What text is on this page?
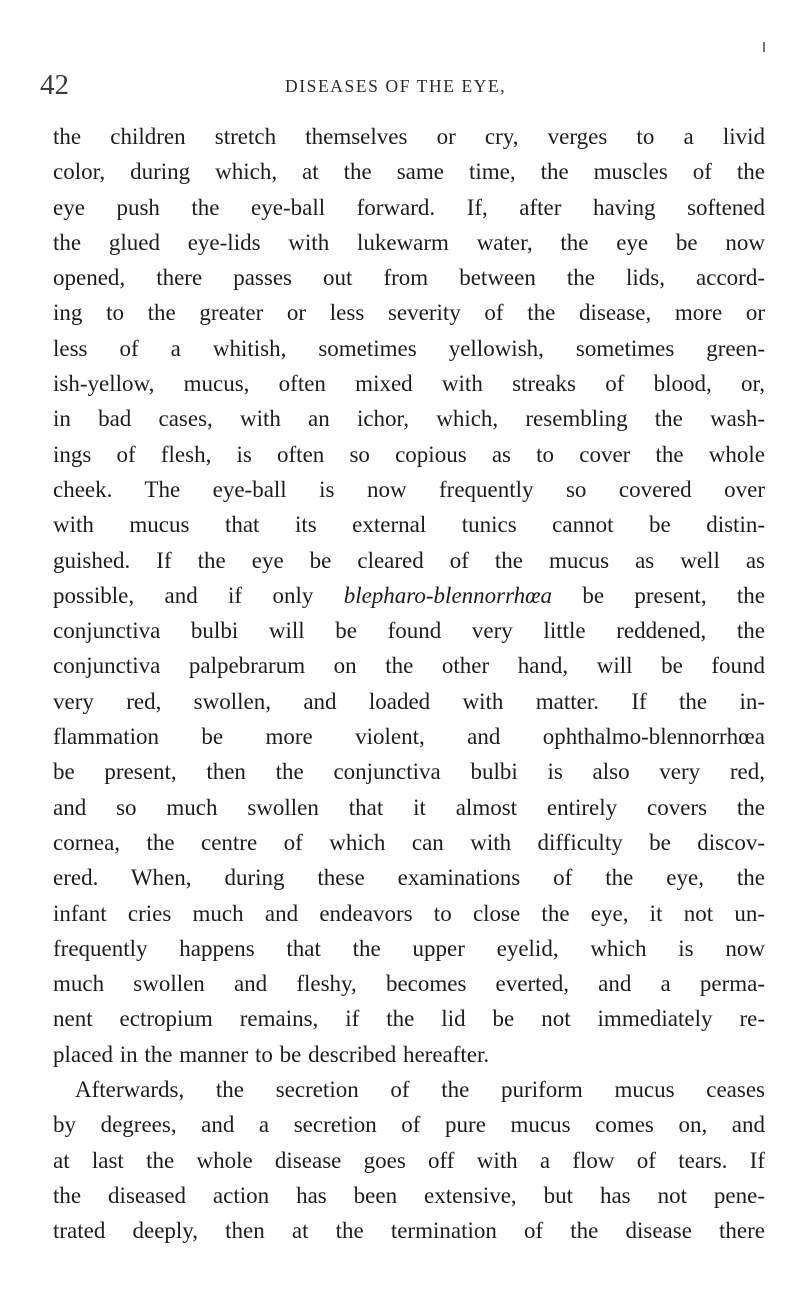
42	DISEASES OF THE EYE,
the children stretch themselves or cry, verges to a livid
color, during which, at the same time, the muscles of the
eye push the eye-ball forward. If, after having softened
the glued eye-lids with lukewarm water, the eye be now
opened, there passes out from between the lids, accord-
ing to the greater or less severity of the disease, more or
less of a whitish, sometimes yellowish, sometimes green-
ish-yellow, mucus, often mixed with streaks of blood, or,
in bad cases, with an ichor, which, resembling the wash-
ings of flesh, is often so copious as to cover the whole
cheek. The eye-ball is now frequently so covered over
with mucus that its external tunics cannot be distin-
guished. If the eye be cleared of the mucus as well as
possible, and if only blepharo-blennorrhœa be present, the
conjunctiva bulbi will be found very little reddened, the
conjunctiva palpebrarum on the other hand, will be found
very red, swollen, and loaded with matter. If the in-
flammation be more violent, and ophthalmo-blennorrhœa
be present, then the conjunctiva bulbi is also very red,
and so much swollen that it almost entirely covers the
cornea, the centre of which can with difficulty be discov-
ered. When, during these examinations of the eye, the
infant cries much and endeavors to close the eye, it not un-
frequently happens that the upper eyelid, which is now
much swollen and fleshy, becomes everted, and a perma-
nent ectropium remains, if the lid be not immediately re-
placed in the manner to be described hereafter.
Afterwards, the secretion of the puriform mucus ceases
by degrees, and a secretion of pure mucus comes on, and
at last the whole disease goes off with a flow of tears. If
the diseased action has been extensive, but has not pene-
trated deeply, then at the termination of the disease there
